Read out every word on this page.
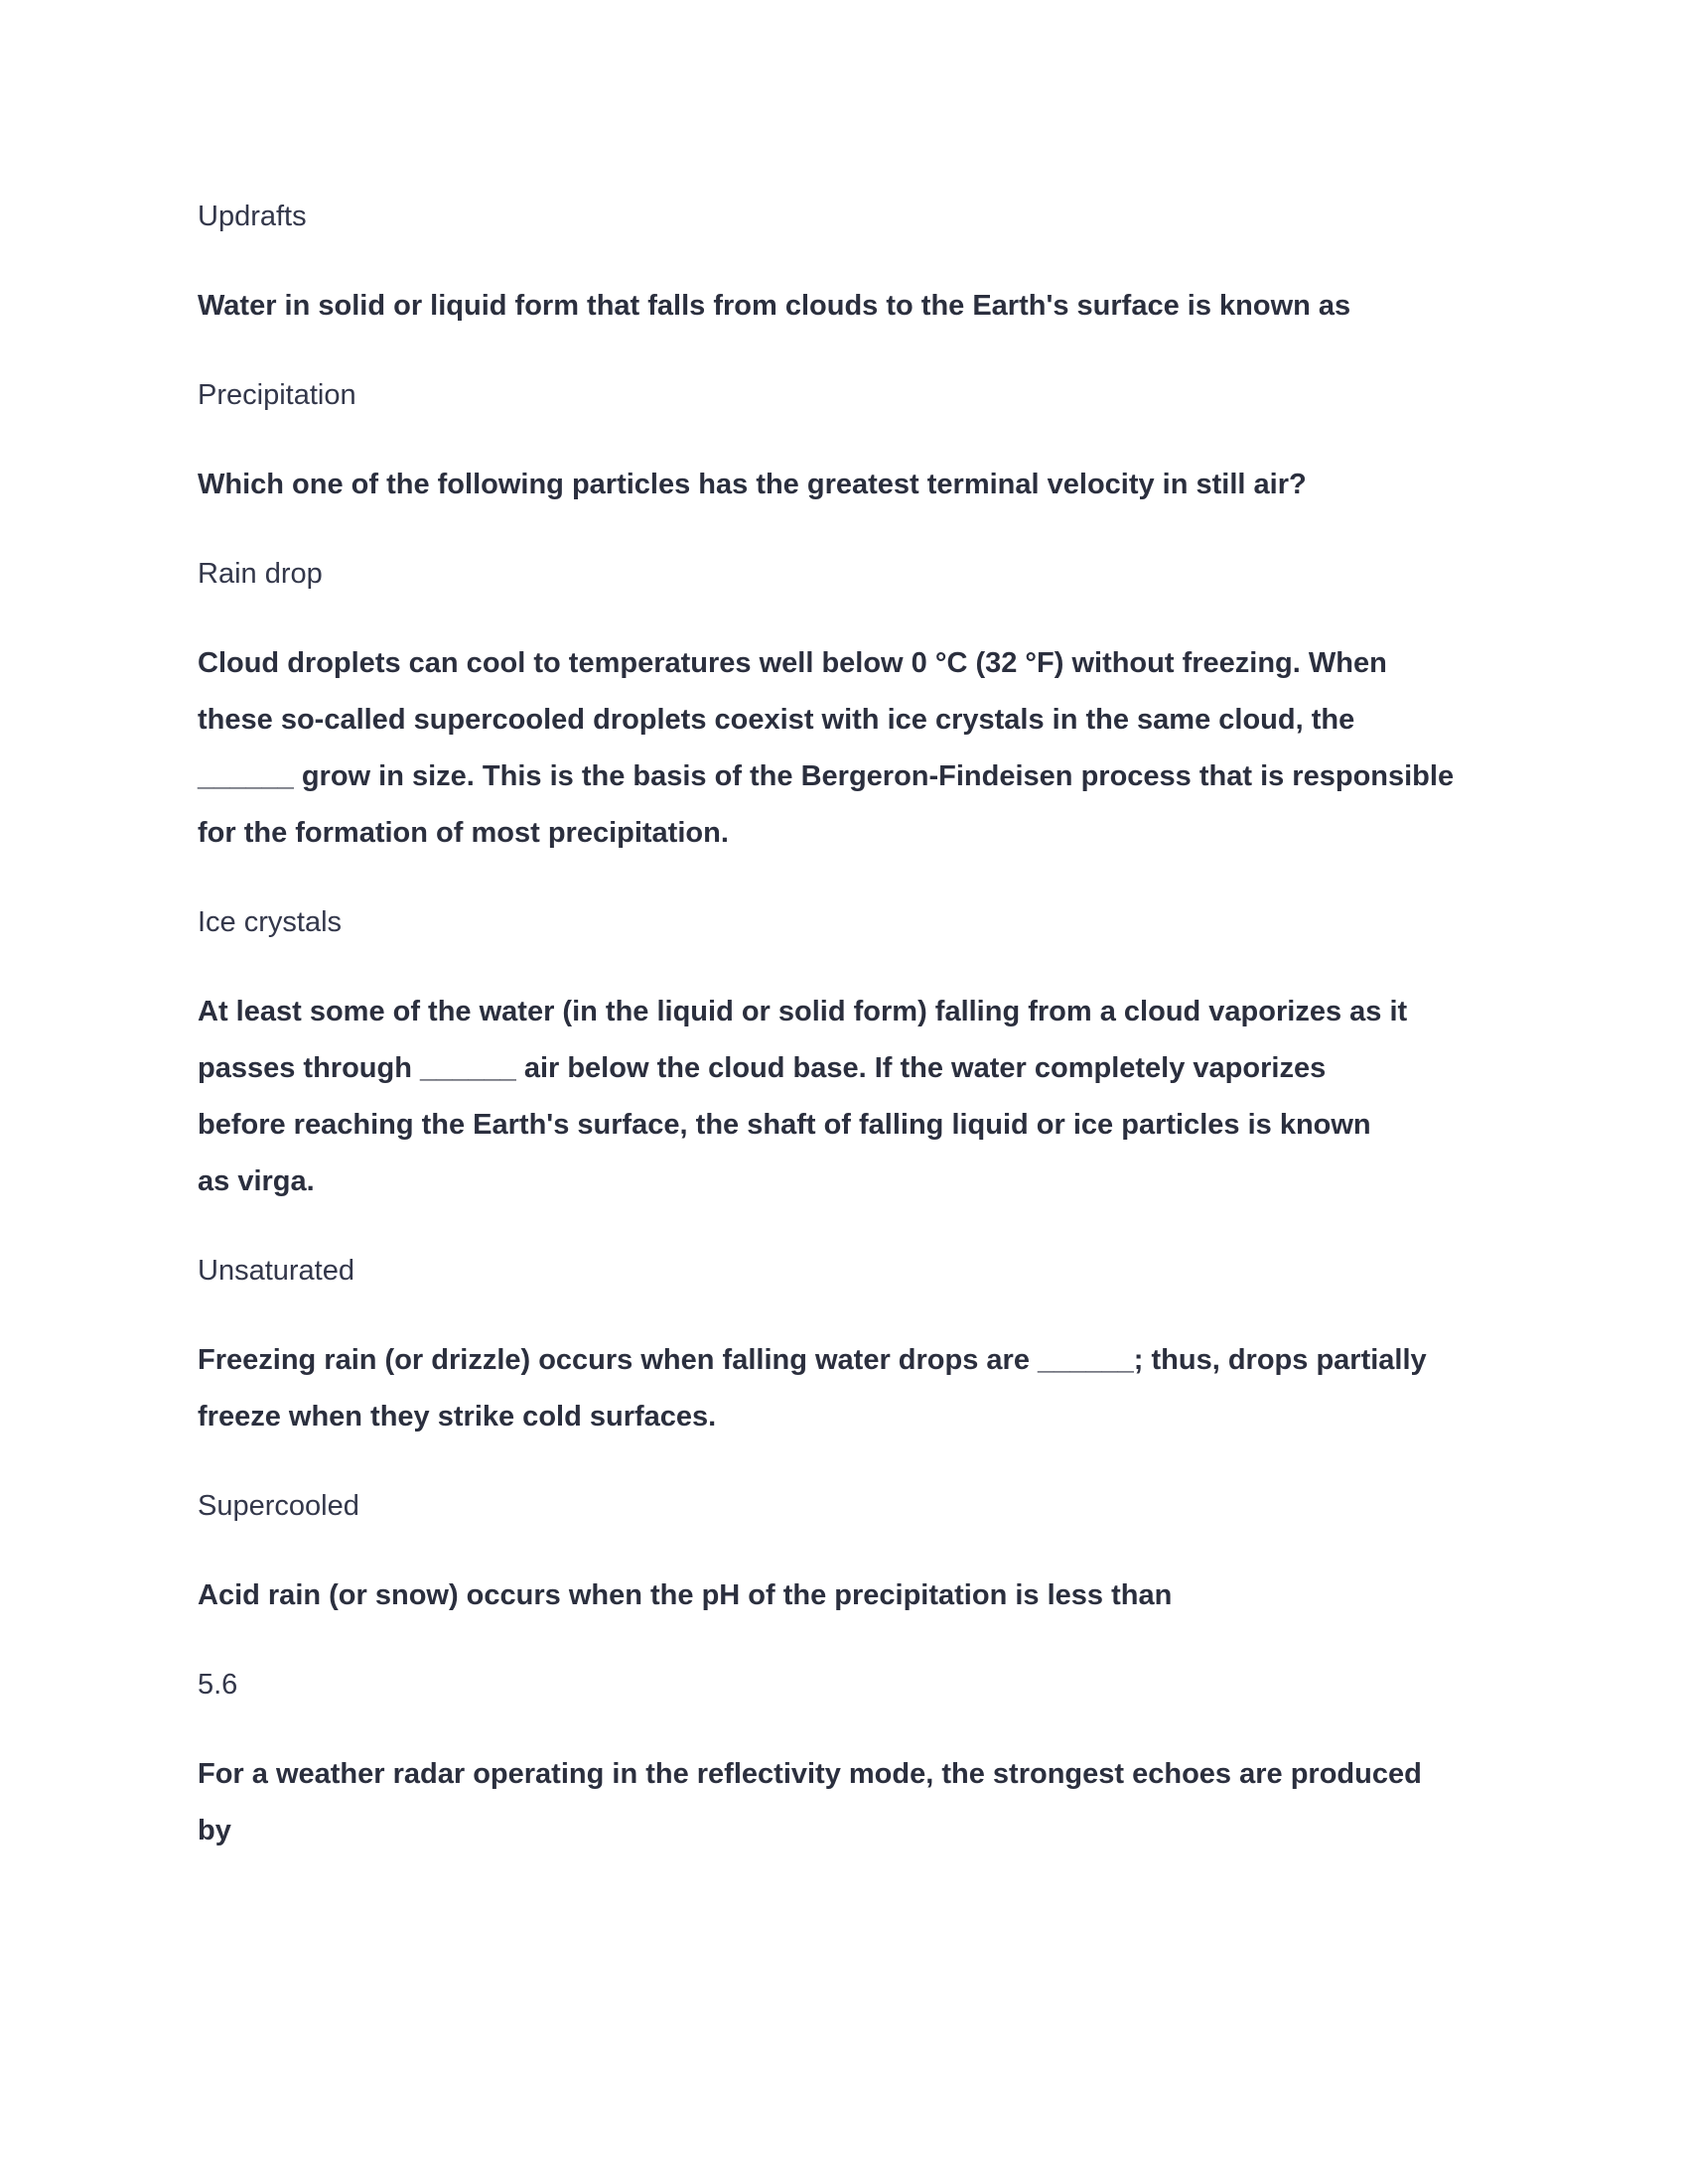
Updrafts

Water in solid or liquid form that falls from clouds to the Earth's surface is known as

Precipitation

Which one of the following particles has the greatest terminal velocity in still air?

Rain drop

Cloud droplets can cool to temperatures well below 0 °C (32 °F) without freezing. When these so-called supercooled droplets coexist with ice crystals in the same cloud, the ______ grow in size. This is the basis of the Bergeron-Findeisen process that is responsible for the formation of most precipitation.

Ice crystals

At least some of the water (in the liquid or solid form) falling from a cloud vaporizes as it passes through ______ air below the cloud base. If the water completely vaporizes before reaching the Earth's surface, the shaft of falling liquid or ice particles is known as virga.

Unsaturated

Freezing rain (or drizzle) occurs when falling water drops are ______; thus, drops partially freeze when they strike cold surfaces.

Supercooled

Acid rain (or snow) occurs when the pH of the precipitation is less than

5.6

For a weather radar operating in the reflectivity mode, the strongest echoes are produced by
